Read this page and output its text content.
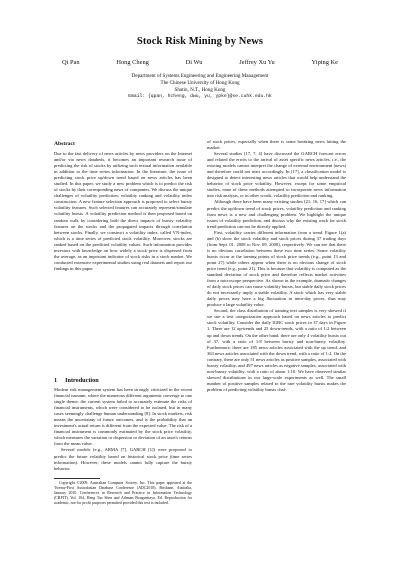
Stock Risk Mining by News
Qi Pan	Hong Cheng	Di Wu	Jeffrey Xu Yu	Yiping Ke
Department of Systems Engineering and Engineering Management
The Chinese University of Hong Kong
Shatin, N.T., Hong Kong
Email: {qpan, hcheng, dwu, yu, ypke}@se.cuhk.edu.hk
Abstract

Due to the fast delivery of news articles by news providers on the Internet and/or via news databeds, it becomes an important research issue of predicting the risk of stocks by utilizing such textual information available in addition to the time series information. In the literature, the issue of predicting stock price up/down trend based on news articles has been studied. In this paper, we study a new problem which is to predict the risk of stocks by their corresponding news of companies. We discuss the unique challenges of volatility prediction, volatility ranking and volatility index construction. A new feature selection approach is proposed to select bursty volatility features. Such selected features can accurately represent/simulate volatility bursts. A volatility prediction method is then proposed based on random walk by considering both the direct impacts of bursty volatility features on the stocks and the propagated impacts through correlation between stocks. Finally, we construct a volatility index, called VN-index, which is a time series of predicted stock volatility. Moreover, stocks are ranked based on the predicted volatility values. Such information provides investors with knowledge on how widely a stock price is dispersed from the average, as an important indicator of stock risks in a stock market. We conducted extensive experimental studies using real datasets and report our findings in this paper.

1 Introduction

Modern risk management system has been strongly criticized in the recent financial tsunami, where the numerous different arguments converge to one single theme: the current system failed to accurately estimate the risks of financial instruments, which were considered to be isolated, but in many cases seemingly challenge human understanding [8]. In stock markets, risk means the uncertainty of future outcomes, and is the probability that an investment's actual return is different from the expected value. The risk of a financial instrument is commonly estimated by the stock price volatility, which measures the variation or dispersion or deviation of an asset's returns from the mean value.

Several models (e.g., ARMA [7], GARCH [1]) were proposed to predict the future volatility based on historical stock price (time series information). However, these models cannot fully capture the bursty behavior

Copyright ©2009, Australian Computer Society, Inc. This paper appeared at the Twenty-First Australasian Database Conference (ADC2010), Brisbane, Australia, January 2010. Conferences in Research and Practice in Information Technology (CRPIT), Vol. 104, Heng Tao Shen and Athman Bouguettaya, Ed. Reproduction for academic, not-for profit purposes permitted provided this text is included.

of stock prices, especially when there is some breaking news hitting the market.

Several studies [17, 7, 4] have discussed the GARCH forecast errors and related the errors to the arrival of asset specific news articles, i.e., the existing models cannot interpret the change of external environment (news) and therefore could not react accordingly. In [17], a classification model is designed to detect interesting news articles that would help understand the behavior of stock price volatility. However, except for some empirical studies, none of these methods attempted to incorporate news information into risk analysis, or in other words, volatility prediction and ranking.

Although there have been many existing studies [21, 16, 17] which can predict the up/down trend of stock prices, volatility prediction and ranking from news is a new and challenging problem. We highlight the unique issues of volatility prediction, and discuss why the existing work for stock trend prediction can not be directly applied.

First, volatility carries different information from a trend. Figure 1(a) and (b) show the stock volatility and stock prices during 37 trading days (from Sept. 01, 2008 to Nov. 09, 2008), respectively. We can see that there is no obvious correlation between these two time series. Some volatility bursts occur at the turning points of stock price trends (e.g., point 13 and point 27) while others appear when there is no obvious change of stock price trend (e.g., point 21). This is because that volatility is computed as the standard deviation of stock price and therefore reflects market activities from a microscope perspective. As shown in the example, dramatic changes of daily stock prices can cause volatility bursts, but stable daily stock prices do not necessarily imply a stable volatility. A stock which has very stable daily prices may have a big fluctuation in intra-day prices, thus may produce a large volatility value.

Second, the class distribution of training text samples is very skewed if we use a text categorization approach based on news articles to predict stock volatility. Consider the daily IGBC stock prices in 37 days in Figure 1. There are 12 up-trends and 25 down-trends, with a ratio of 1:2 between up and down trends. On the other hand, there are only 4 volatility bursts out of 37, with a ratio of 1:8 between bursty and non-bursty volatility. Furthermore, there are 185 news articles associated with the up trend, and 363 news articles associated with the down trend, with a ratio of 1:2. On the contrary, there are only 51 news articles as positive samples, associated with bursty volatility, and 497 news articles as negative samples, associated with non-bursty volatility, with a ratio of about 1:10. We have observed similar skewed distributions in our large-scale experiments as well. The small number of positive samples related to the rare volatility bursts makes the problem of predicting volatility bursts chal-
